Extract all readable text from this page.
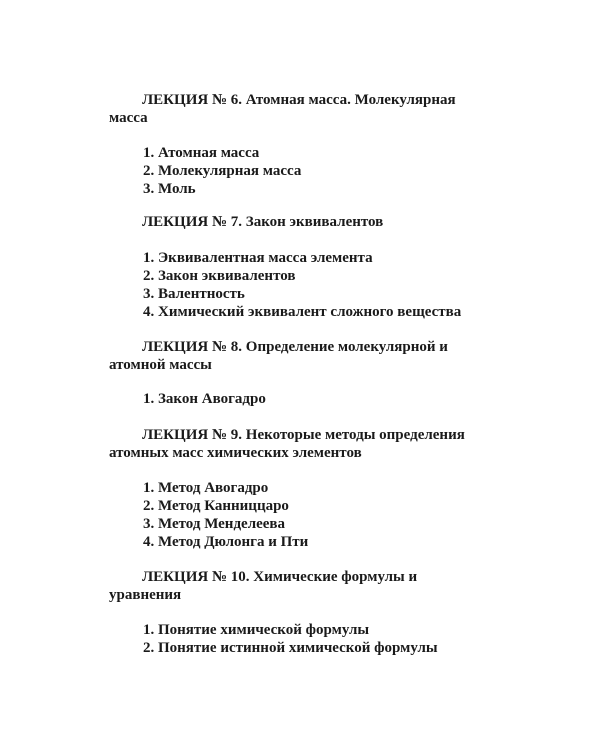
ЛЕКЦИЯ № 6. Атомная масса. Молекулярная масса

1. Атомная масса
2. Молекулярная масса
3. Моль

ЛЕКЦИЯ № 7. Закон эквивалентов

1. Эквивалентная масса элемента
2. Закон эквивалентов
3. Валентность
4. Химический эквивалент сложного вещества

ЛЕКЦИЯ № 8. Определение молекулярной и атомной массы

1. Закон Авогадро

ЛЕКЦИЯ № 9. Некоторые методы определения атомных масс химических элементов

1. Метод Авогадро
2. Метод Канниццаро
3. Метод Менделеева
4. Метод Дюлонга и Пти

ЛЕКЦИЯ № 10. Химические формулы и уравнения

1. Понятие химической формулы
2. Понятие истинной химической формулы
